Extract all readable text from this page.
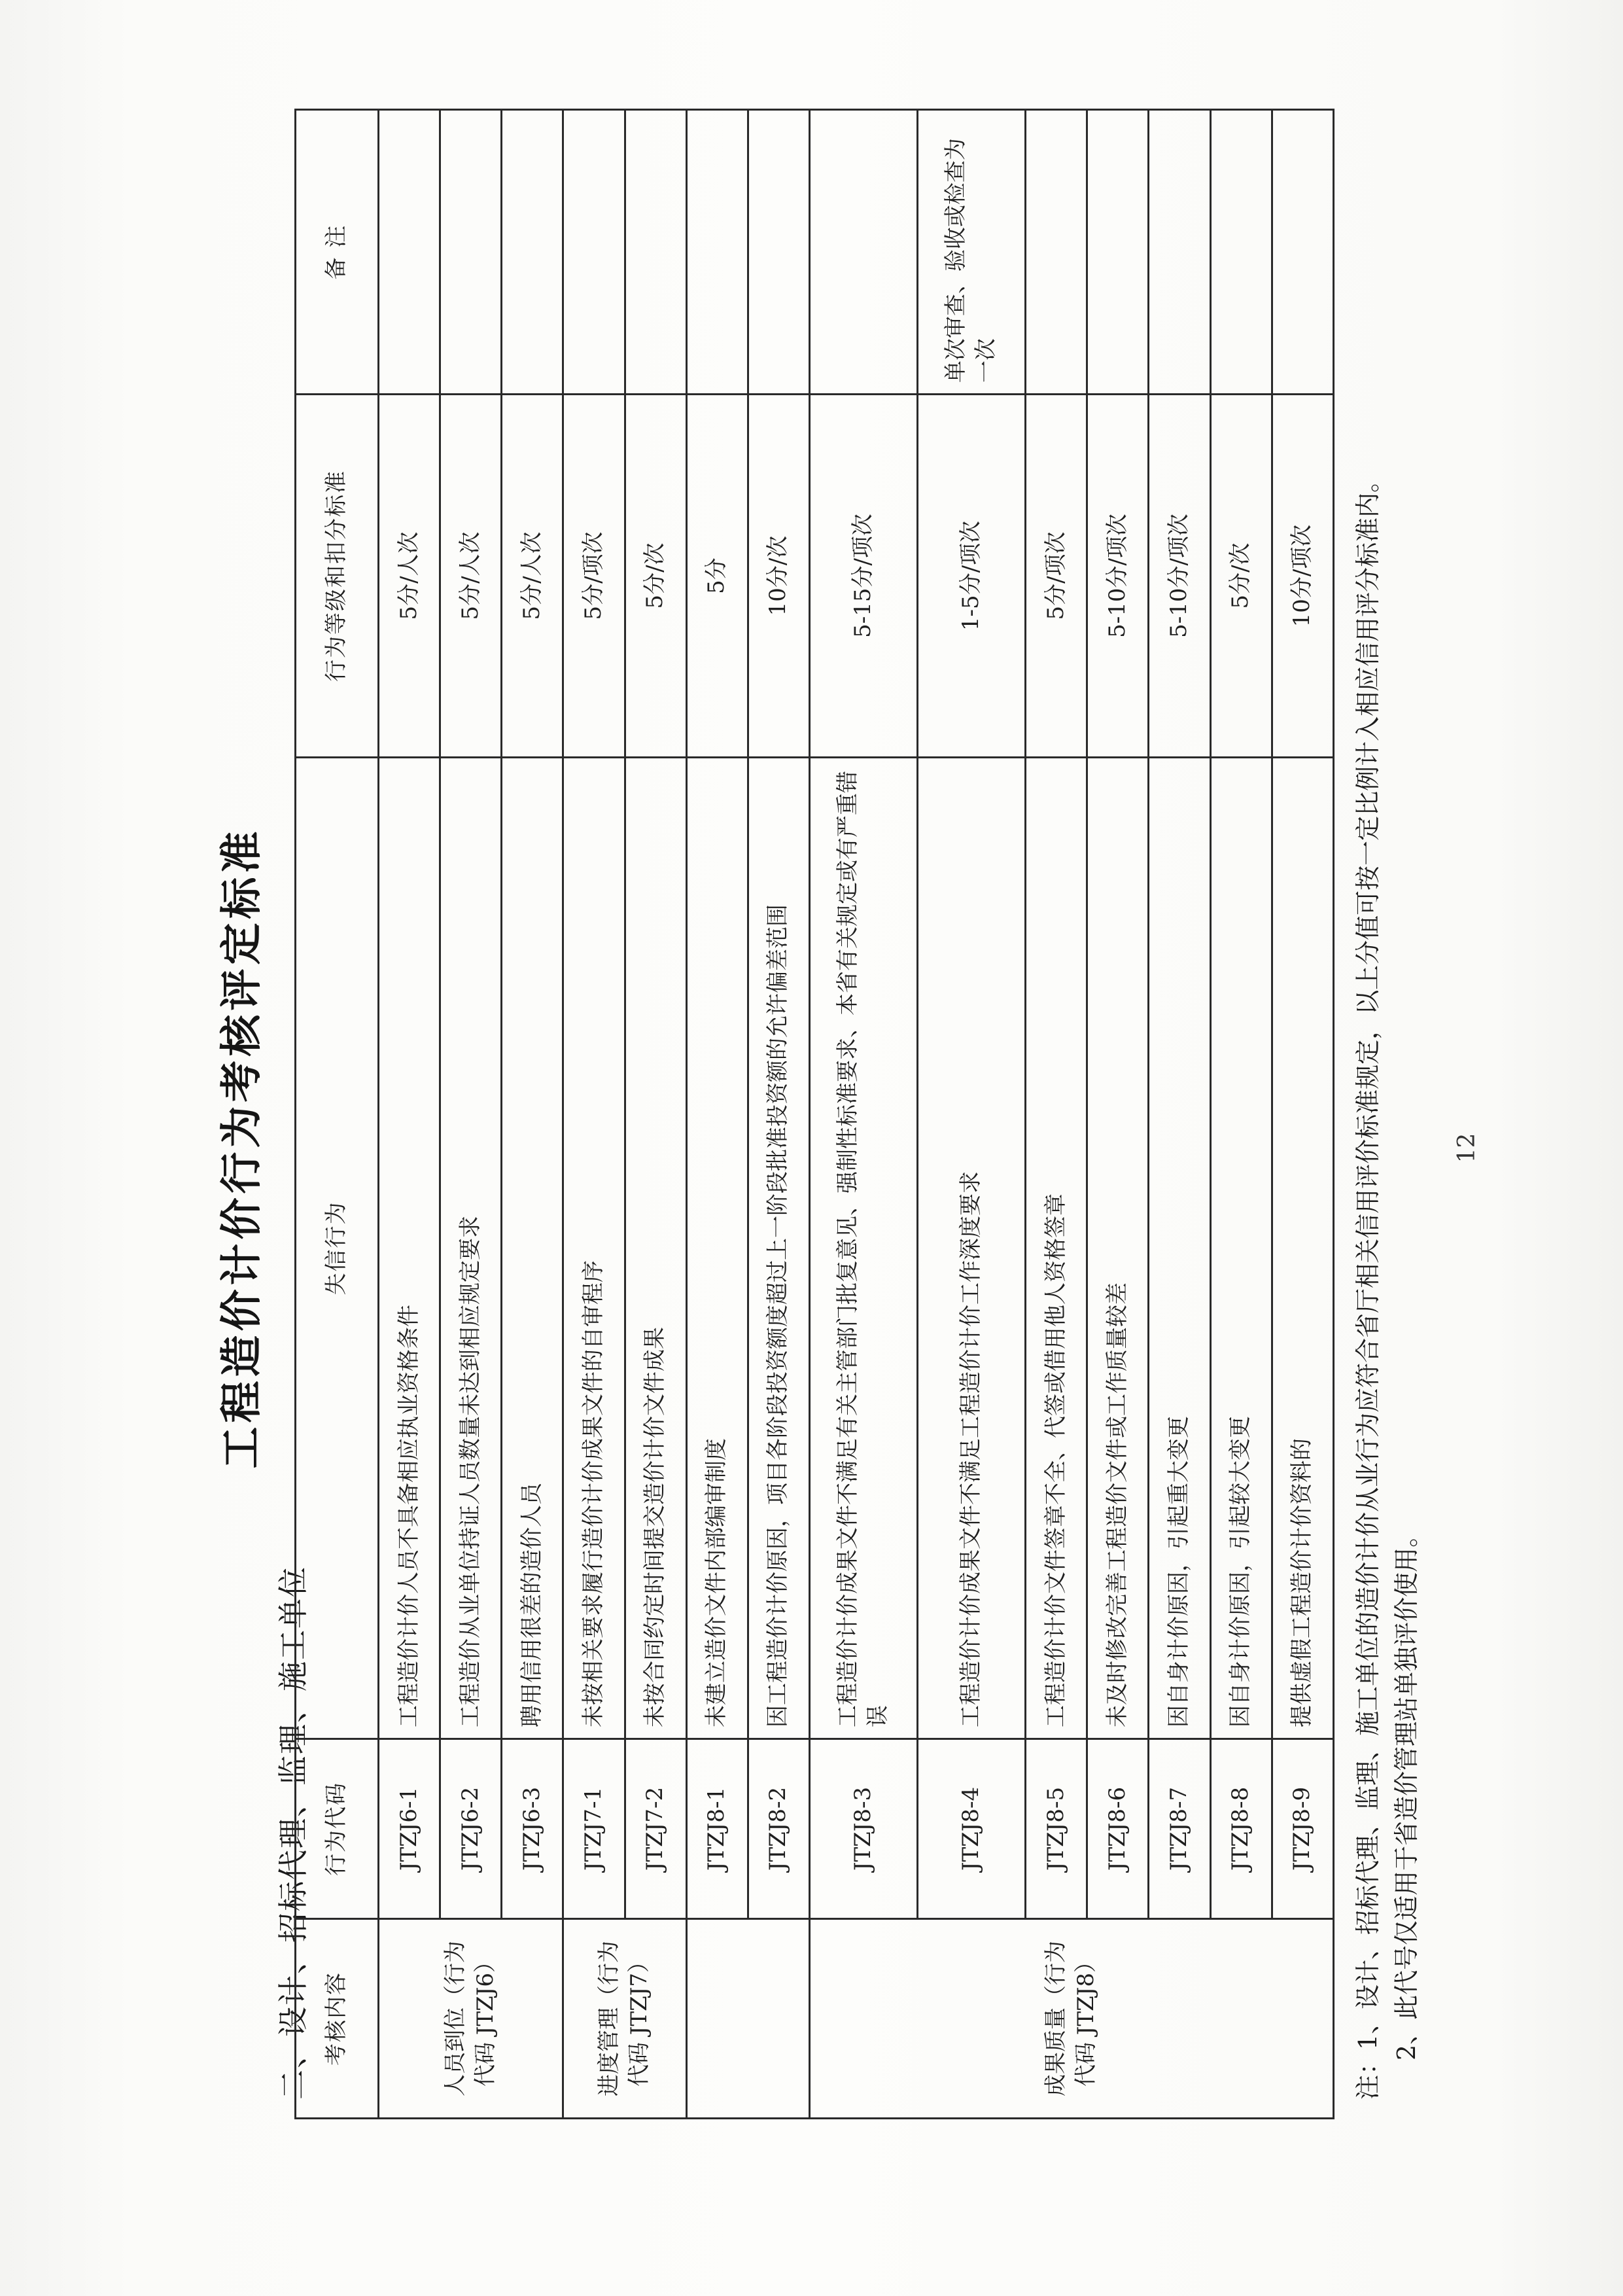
工程造价计价行为考核评定标准
二、设计、招标代理、监理、施工单位 考核内容	行为代码	失信行为	行为等级和扣分标准	备 注
人员到位（行为代码 JTZJ6）	JTZJ6-1	工程造价计价人员不具备相应执业资格条件	5分/人次	
	JTZJ6-2	工程造价从业单位持证人员数量未达到相应规定要求	5分/人次	
	JTZJ6-3	聘用信用很差的造价人员	5分/人次	
进度管理（行为代码 JTZJ7）	JTZJ7-1	未按相关要求履行造价计价成果文件的自审程序	5分/项次	
	JTZJ7-2	未按合同约定时间提交造价计价文件成果	5分/次	
	JTZJ8-1	未建立造价文件内部编审制度	5分	
	JTZJ8-2	因工程造价计价原因，项目各阶段投资额度超过上一阶段批准投资额的允许偏差范围	10分/次	
成果质量（行为代码 JTZJ8）	JTZJ8-3	工程造价计价成果文件不满足有关主管部门批复意见、强制性标准要求、本省有关规定或有严重错误	5-15分/项次	
	JTZJ8-4	工程造价计价成果文件不满足工程造价计价工作深度要求	1-5分/项次	单次审查、验收或检查为一次
	JTZJ8-5	工程造价计价文件签章不全、代签或借用他人资格签章	5分/项次	
	JTZJ8-6	未及时修改完善工程造价文件或工作质量较差	5-10分/项次	
	JTZJ8-7	因自身计价原因，引起重大变更	5-10分/项次	
	JTZJ8-8	因自身计价原因，引起较大变更	5分/次	
	JTZJ8-9	提供虚假工程造价计价资料的	10分/项次	注：1、设计、招标代理、监理、施工单位的造价计价从业行为应符合省厅相关信用评价标准规定，以上分值可按一定比例计入相应信用评分标准内。 2、此代号仅适用于省造价管理站单独评价使用。
12
